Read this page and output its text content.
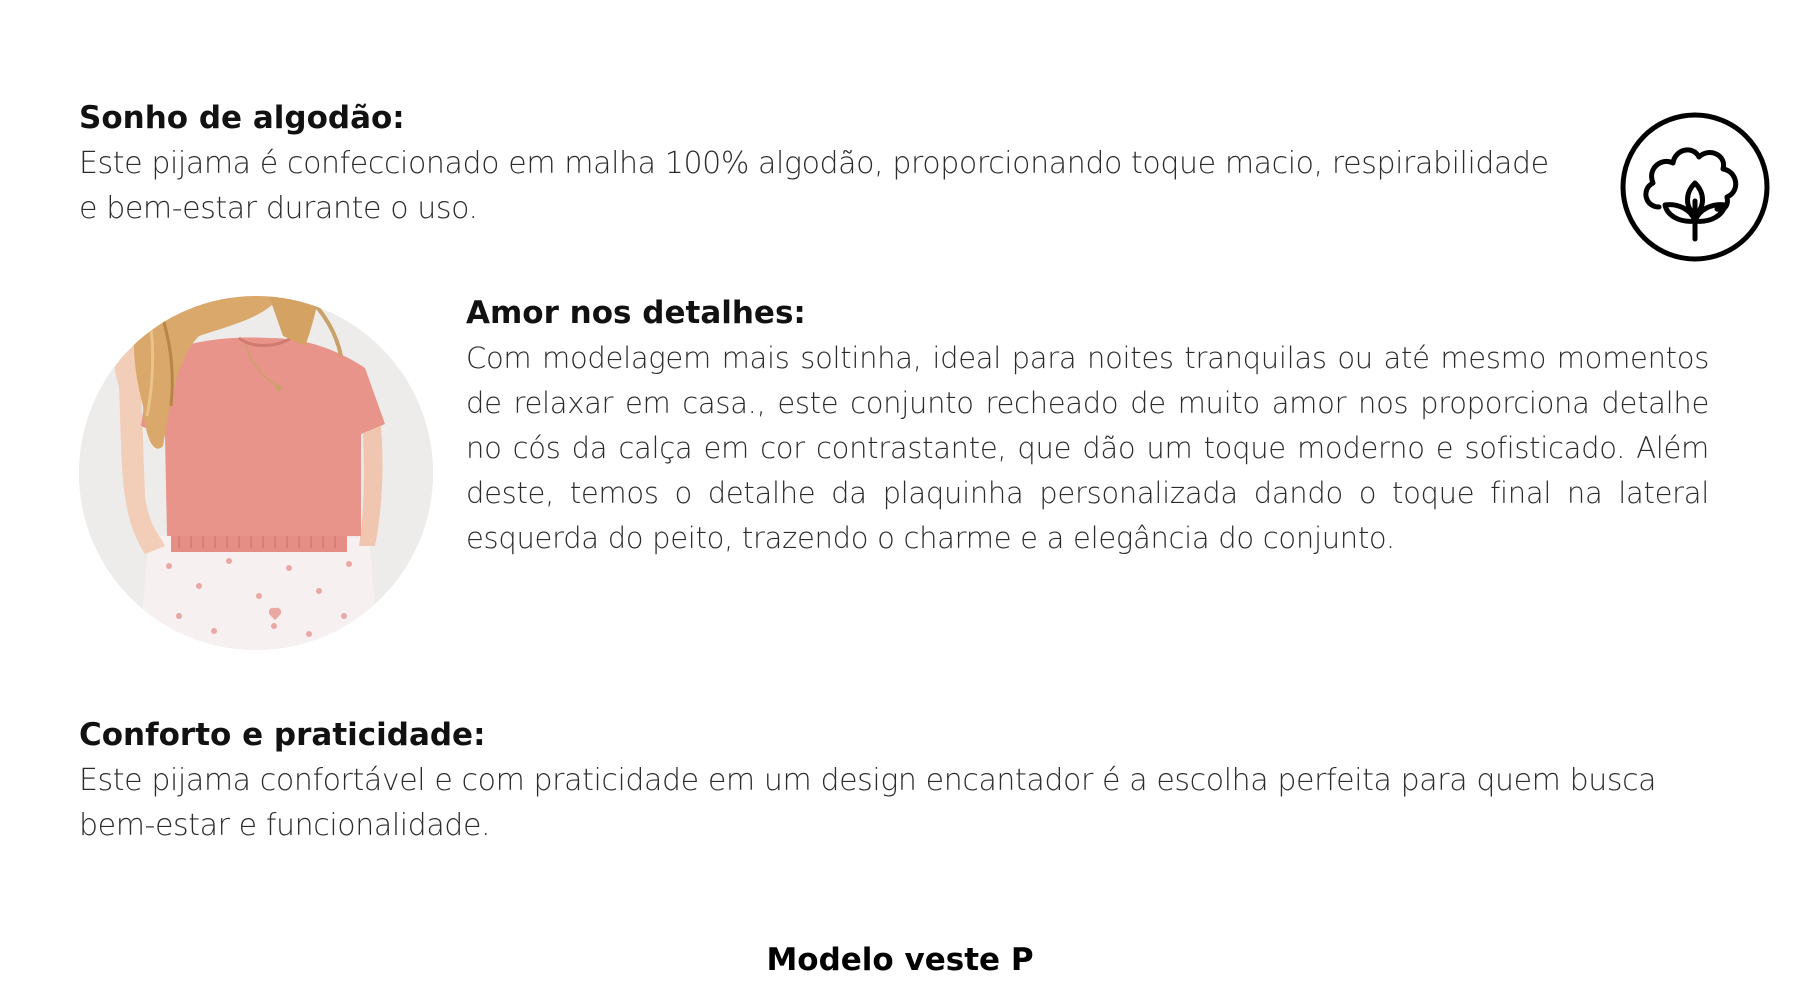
Sonho de algodão:

Este pijama é confeccionado em malha 100% algodão, proporcionando toque macio, respirabilidade e bem-estar durante o uso.

Amor nos detalhes:

Com modelagem mais soltinha, ideal para noites tranquilas ou até mesmo momentos de relaxar em casa., este conjunto recheado de muito amor nos proporciona detalhe no cós da calça em cor contrastante, que dão um toque moderno e sofisticado. Além deste, temos o detalhe da plaquinha personalizada dando o toque final na lateral esquerda do peito, trazendo o charme e a elegância do conjunto.

Conforto e praticidade:

Este pijama confortável e com praticidade em um design encantador é a escolha perfeita para quem busca bem-estar e funcionalidade.

Modelo veste P
